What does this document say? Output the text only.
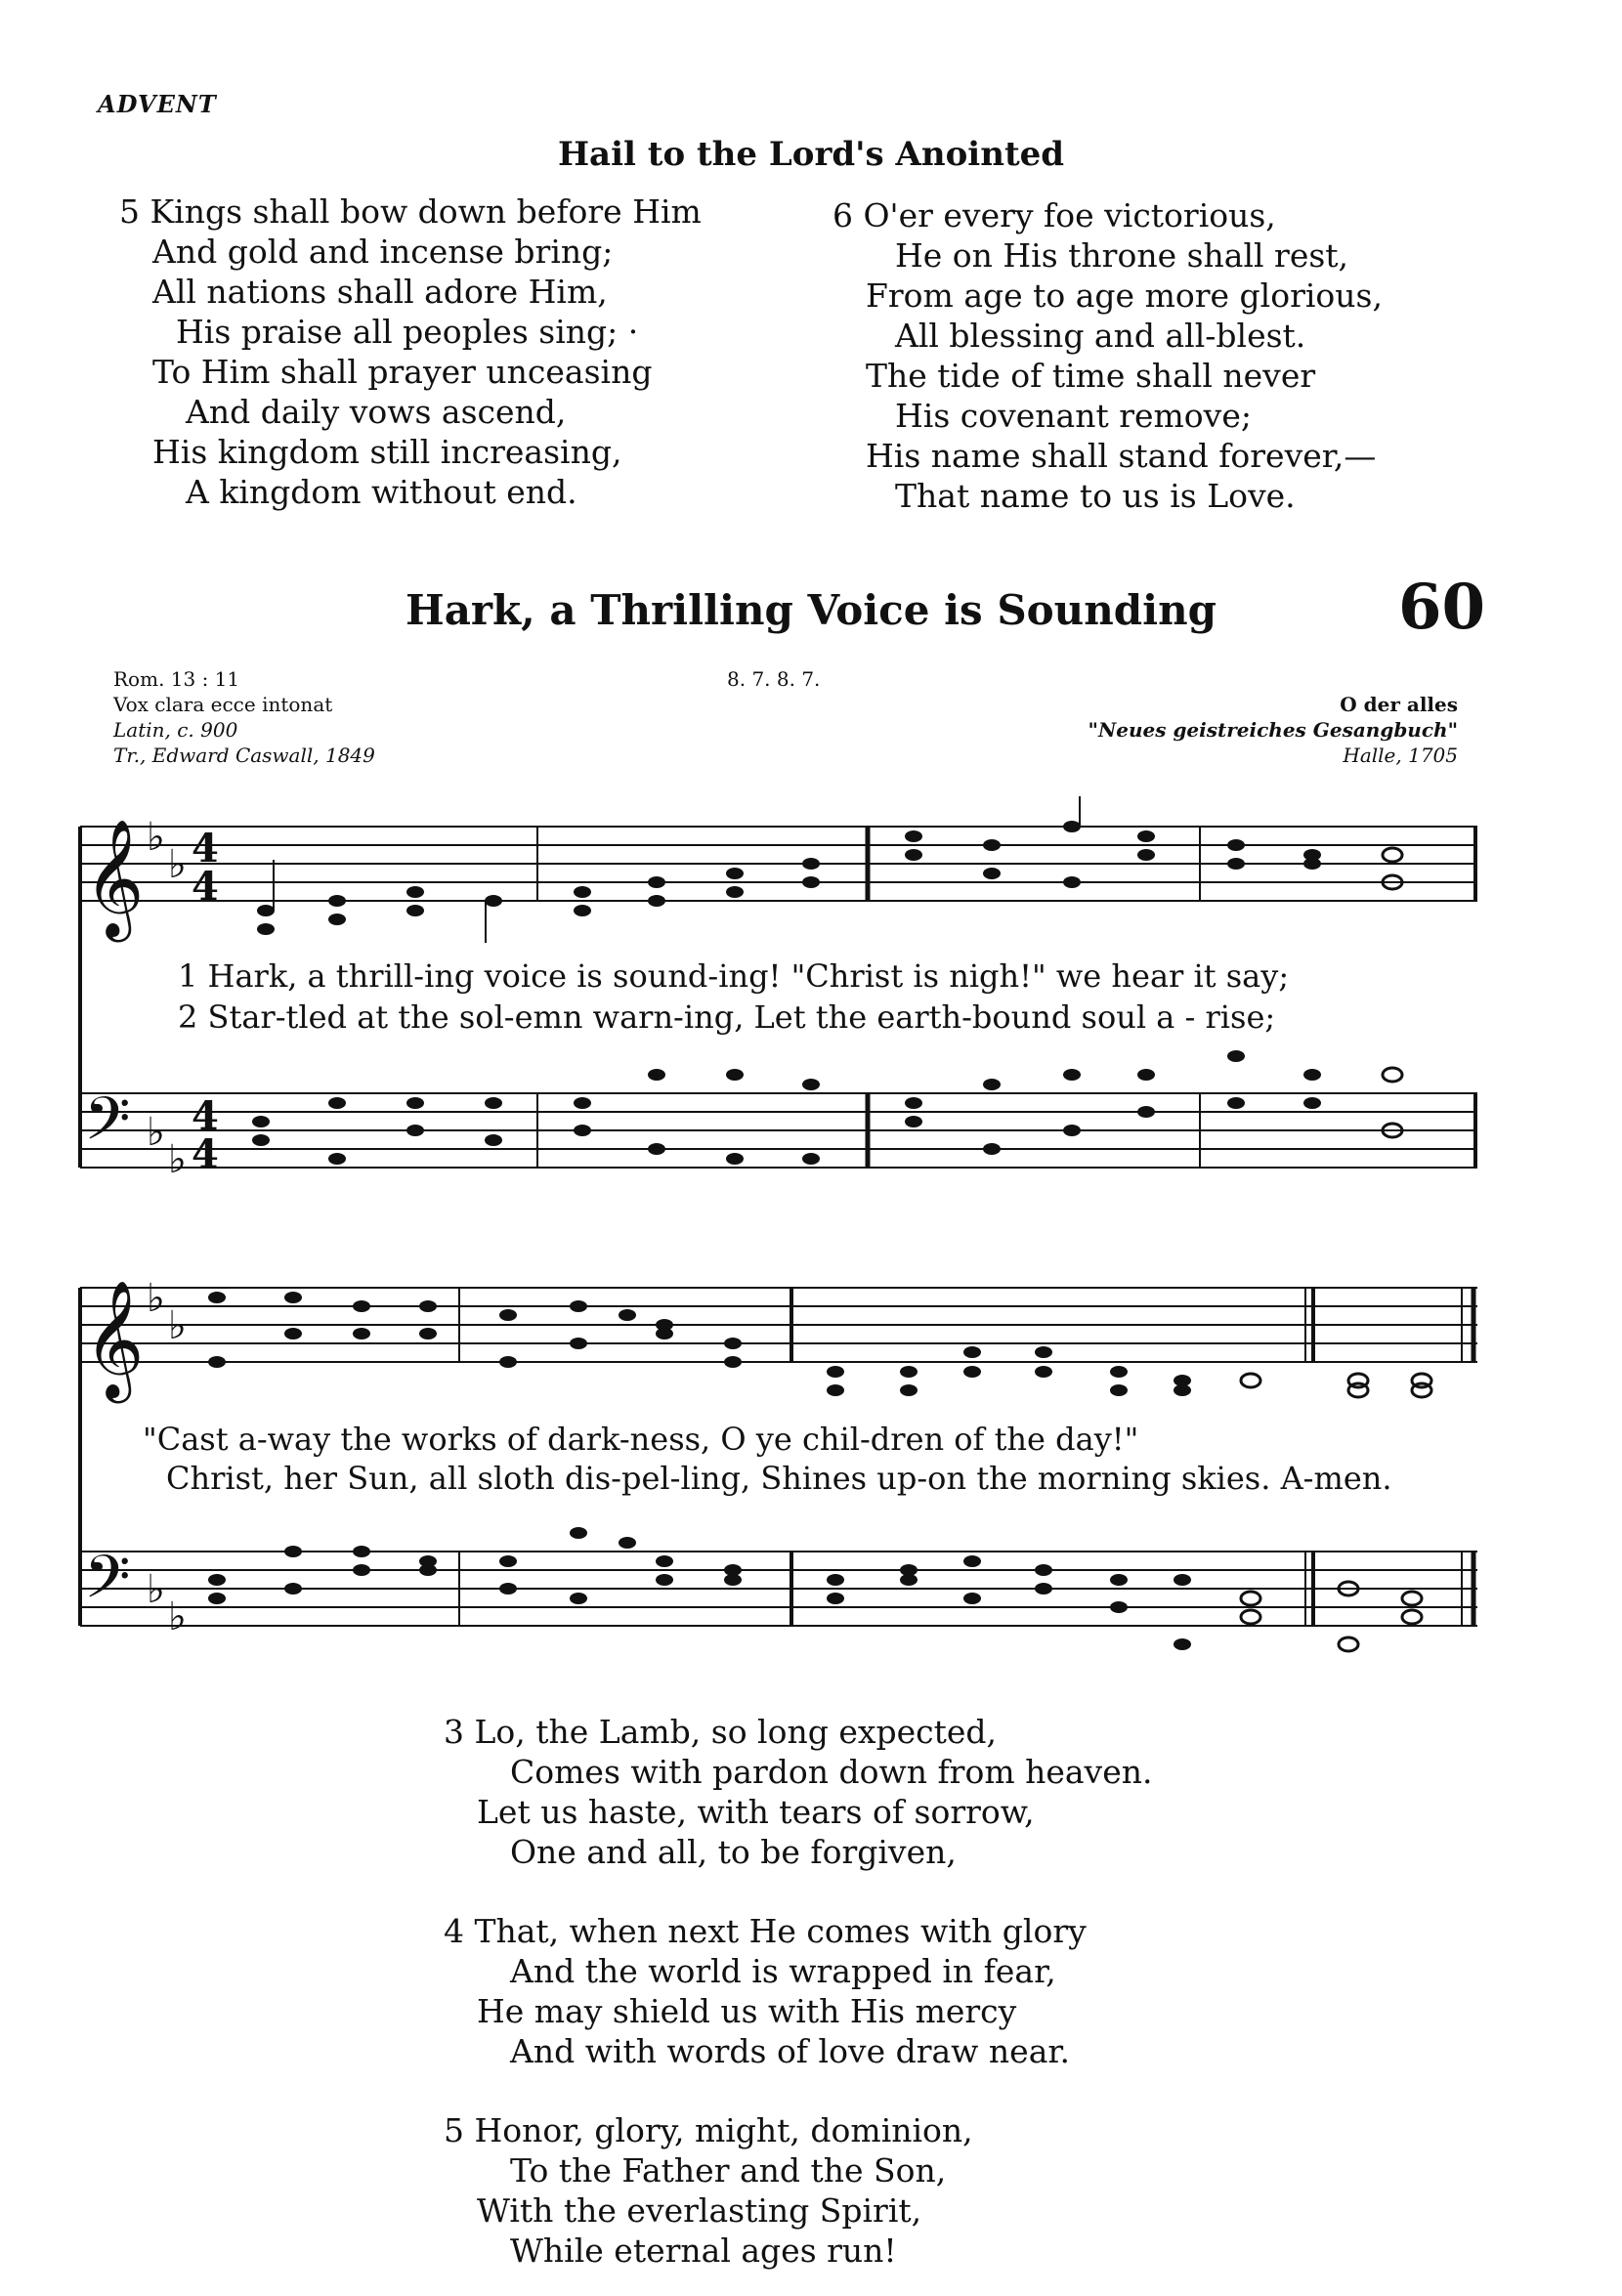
ADVENT
Hail to the Lord's Anointed
5 Kings shall bow down before Him
And gold and incense bring;
All nations shall adore Him,
His praise all peoples sing; ·
To Him shall prayer unceasing
And daily vows ascend,
His kingdom still increasing,
A kingdom without end.
6 O'er every foe victorious,
He on His throne shall rest,
From age to age more glorious,
All blessing and all-blest.
The tide of time shall never
His covenant remove;
His name shall stand forever,—
That name to us is Love.
Hark, a Thrilling Voice is Sounding	60
Rom. 13 : 11
Vox clara ecce intonat
Latin, c. 900
Tr., Edward Caswall, 1849
8. 7. 8. 7.
O der alles
"Neues geistreiches Gesangbuch"
Halle, 1705
𝄞
𝄢
𝄞
𝄢
♭
♭
♭
♭
♭
♭
♭
♭
4
4
4
4
1 Hark, a thrill-ing voice is sound-ing! "Christ is nigh!" we hear it say;
2 Star-tled at the sol-emn warn-ing, Let the earth-bound soul a - rise;
"Cast a-way the works of dark-ness, O ye chil-dren of the day!"
Christ, her Sun, all sloth dis-pel-ling, Shines up-on the morning skies. A-men.
3 Lo, the Lamb, so long expected,
Comes with pardon down from heaven.
Let us haste, with tears of sorrow,
One and all, to be forgiven,
4 That, when next He comes with glory
And the world is wrapped in fear,
He may shield us with His mercy
And with words of love draw near.
5 Honor, glory, might, dominion,
To the Father and the Son,
With the everlasting Spirit,
While eternal ages run!
